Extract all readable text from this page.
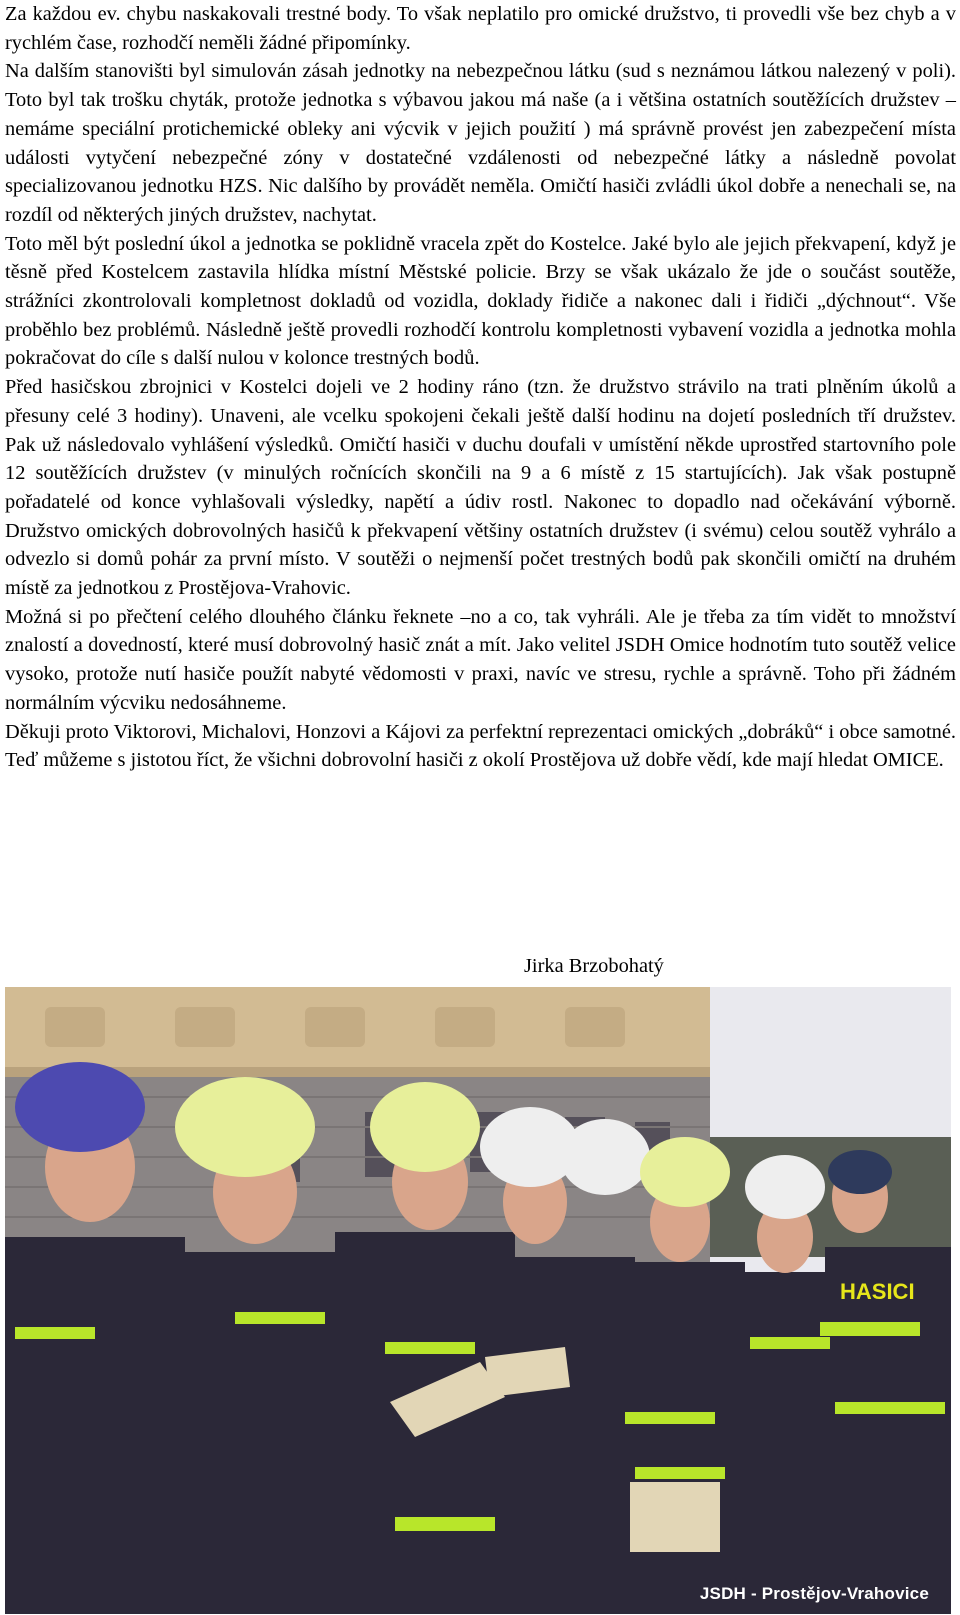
Za každou ev. chybu naskakovali trestné body. To však neplatilo pro omické družstvo, ti provedli vše bez chyb a v rychlém čase, rozhodčí neměli žádné připomínky.

Na dalším stanovišti byl simulován zásah jednotky na nebezpečnou látku (sud s neznámou látkou nalezený v poli). Toto byl tak trošku chyták, protože jednotka s výbavou jakou má naše (a i většina ostatních soutěžících družstev – nemáme speciální protichemické obleky ani výcvik v jejich použití ) má správně provést jen zabezpečení místa události vytyčení nebezpečné zóny v dostatečné vzdálenosti od nebezpečné látky a následně povolat specializovanou jednotku HZS. Nic dalšího by provádět neměla. Omičtí hasiči zvládli úkol dobře a nenechali se, na rozdíl od některých jiných družstev, nachytat.

Toto měl být poslední úkol a jednotka se poklidně vracela zpět do Kostelce. Jaké bylo ale jejich překvapení, když je těsně před Kostelcem zastavila hlídka místní Městské policie. Brzy se však ukázalo že jde o součást soutěže, strážníci zkontrolovali kompletnost dokladů od vozidla, doklady řidiče a nakonec dali i řidiči „dýchnout“. Vše proběhlo bez problémů. Následně ještě provedli rozhodčí kontrolu kompletnosti vybavení vozidla a jednotka mohla pokračovat do cíle s další nulou v kolonce trestných bodů.

Před hasičskou zbrojnici v Kostelci dojeli ve 2 hodiny ráno (tzn. že družstvo strávilo na trati plněním úkolů a přesuny celé 3 hodiny). Unaveni, ale vcelku spokojeni čekali ještě další hodinu na dojetí posledních tří družstev. Pak už následovalo vyhlášení výsledků. Omičtí hasiči v duchu doufali v umístění někde uprostřed startovního pole 12 soutěžících družstev (v minulých ročnících skončili na 9 a 6 místě z 15 startujících). Jak však postupně pořadatelé od konce vyhlašovali výsledky, napětí a údiv rostl. Nakonec to dopadlo nad očekávání výborně. Družstvo omických dobrovolných hasičů k překvapení většiny ostatních družstev (i svému) celou soutěž vyhrálo a odvezlo si domů pohár za první místo. V soutěži o nejmenší počet trestných bodů pak skončili omičtí na druhém místě za jednotkou z Prostějova-Vrahovic.

Možná si po přečtení celého dlouhého článku řeknete –no a co, tak vyhráli. Ale je třeba za tím vidět to množství znalostí a dovedností, které musí dobrovolný hasič znát a mít. Jako velitel JSDH Omice hodnotím tuto soutěž velice vysoko, protože nutí hasiče použít nabyté vědomosti v praxi, navíc ve stresu, rychle a správně. Toho při žádném normálním výcviku nedosáhneme.

Děkuji proto Viktorovi, Michalovi, Honzovi a Kájovi za perfektní reprezentaci omických „dobráků“ i obce samotné. Teď můžeme s jistotou říct, že všichni dobrovolní hasiči z okolí Prostějova už dobře vědí, kde mají hledat OMICE.

Jirka Brzobohatý
HASICI
JSDH - Prostějov-Vrahovice
